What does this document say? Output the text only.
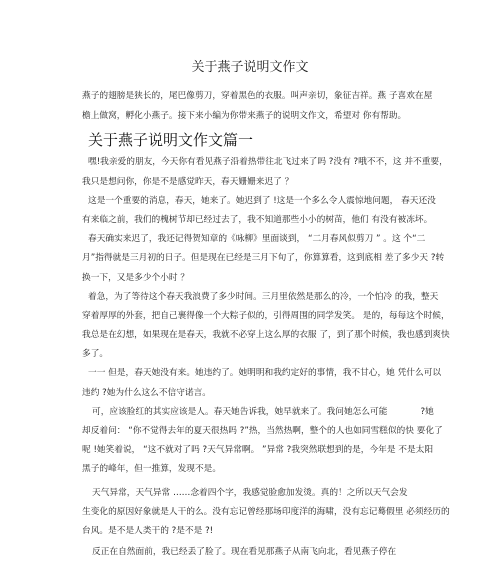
关于燕子说明文作文
燕子的翅膀是狭长的，尾巴像剪刀，穿着黑色的衣服。叫声亲切，象征吉祥。燕 子喜欢在屋
檐上做窝，孵化小燕子。接下来小编为你带来燕子的说明文作文，希望对 你有帮助。
关于燕子说明文作文篇一
嘿!我亲爱的朋友，今天你有看见燕子沿着热带往北飞过来了吗 ?没有 ?哦不不，这 并不重要，
我只是想问你，你是不是感觉昨天，春天姗姗来迟了 ？
这是一个重要的消息，春天，她来了。她迟到了 !这是一个多么令人震惊地问题， 春天还没
有来临之前，我们的槐树节却已经过去了，我不知道那些小小的树苗，他们 有没有被冻坏。
春天确实来迟了，我还记得贺知章的《咏柳》里面谈到， “二月春风似剪刀 ” 。这 个“二
月”指得就是三月初的日子。但是现在已经是三月下旬了，你算算看，这到底相 差了多少天 ?转
换一下，又是多少个小时 ？
着急，为了等待这个春天我浪费了多少时间。三月里依然是那么的冷，一个怕冷 的我，整天
穿着厚厚的外套，把自己裹得像一个大粽子似的，引得周围的同学发笑。 是的，每每这个时候，
我总是在幻想，如果现在是春天，我就不必穿上这么厚的衣服 了，到了那个时候，我也感到爽快
多了。
一一 但是，春天她没有来。她违约了。她明明和我约定好的事情，我不甘心，她 凭什么可以
违约 ?她为什么这么不信守诺言。
可，应该脸红的其实应该是人。春天她告诉我，她早就来了。我问她怎么可能            ?她
却反着问： “你不觉得去年的夏天很热吗 ?”热，当然热啊，整个的人也如同雪糕似的快 要化了
呢 !她笑着说， “这不就对了吗 ?天气异常啊。 ”异常 ?我突然联想到的是，今年是 不是太阳
黑子的峰年，但一推算，发现不是。
天气异常，天气异常 ……念着四个字，我感觉脸愈加发烫。真的！之所以天气会发
生变化的原因好象就是人干的么。没有忘记曾经那场印度洋的海啸，没有忘记蓦假里 必须经历的
台风。是不是人类干的 ?是不是 ?!
反正在自然面前，我已经丢了脸了。现在看见那燕子从南飞向北，看见燕子停在
